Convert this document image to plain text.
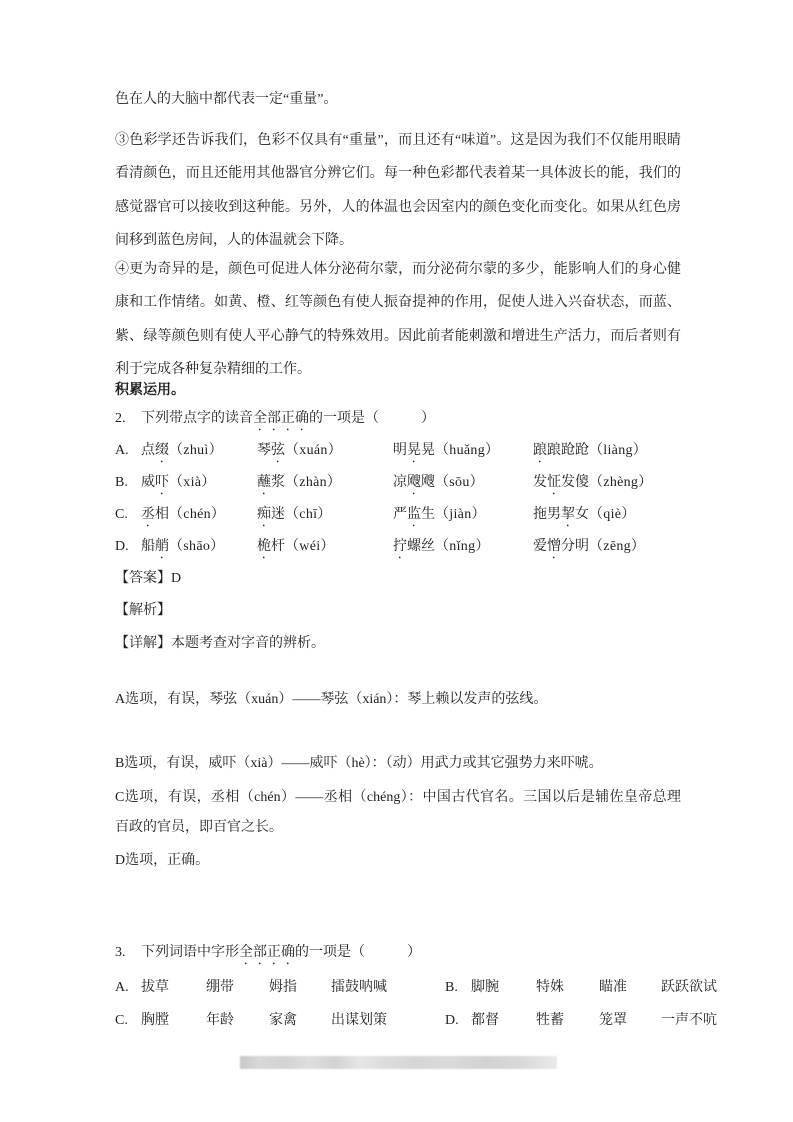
色在人的大脑中都代表一定“重量”。

③色彩学还告诉我们，色彩不仅具有“重量”，而且还有“味道”。这是因为我们不仅能用眼睛看清颜色，而且还能用其他器官分辨它们。每一种色彩都代表着某一具体波长的能，我们的感觉器官可以接收到这种能。另外，人的体温也会因室内的颜色变化而变化。如果从红色房间移到蓝色房间，人的体温就会下降。

④更为奇异的是，颜色可促进人体分泌荷尔蒙，而分泌荷尔蒙的多少，能影响人们的身心健康和工作情绪。如黄、橙、红等颜色有使人振奋提神的作用，促使人进入兴奋状态，而蓝、紫、绿等颜色则有使人平心静气的特殊效用。因此前者能刺激和增进生产活力，而后者则有利于完成各种复杂精细的工作。

积累运用。

2. 下列带点字的读音全部正确的一项是（　　　）

A. 点缀（zhuì）	琴弦（xuán）	明晃晃（huǎng）	踉踉跄跄（liàng）
B. 威吓（xià）	蘸浆（zhàn）	凉飕飕（sōu）	发怔发傻（zhèng）
C. 丞相（chén）	痴迷（chī）	严监生（jiàn）	拖男挈女（qiè）
D. 船艄（shāo）	桅杆（wéi）	拧螺丝（nǐng）	爱憎分明（zēng）

【答案】D

【解析】

【详解】本题考查对字音的辨析。

A选项，有误，琴弦（xuán）——琴弦（xián）：琴上赖以发声的弦线。

B选项，有误，威吓（xià）——威吓（hè）：（动）用武力或其它强势力来吓唬。

C选项，有误，丞相（chén）——丞相（chéng）：中国古代官名。三国以后是辅佐皇帝总理百政的官员，即百官之长。

D选项，正确。

3. 下列词语中字形全部正确的一项是（　　　）

A. 拔草	绷带	姆指	擂鼓呐喊	B. 脚腕	特姝	瞄准	跃跃欲试
C. 胸膛	年龄	家禽	出谋划策	D. 都督	牲蓄	笼罩	一声不吭
